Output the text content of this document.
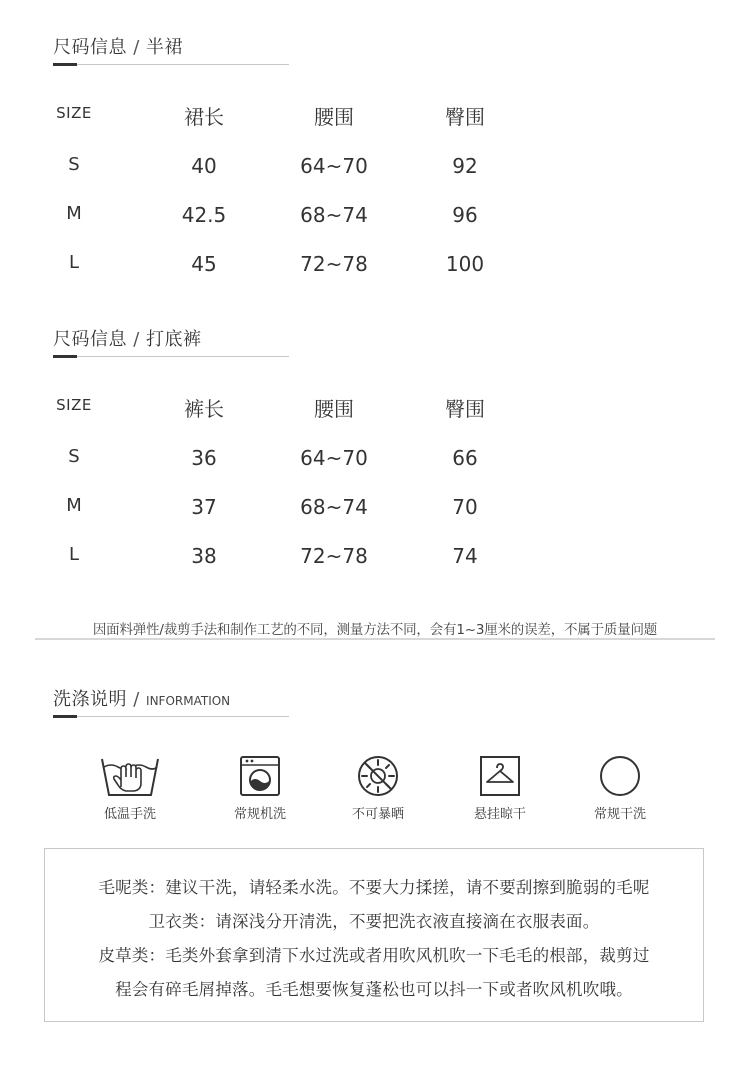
尺码信息 / 半裙
SIZE	裙长	腰围	臀围
S	40	64~70	92
M	42.5	68~74	96
L	45	72~78	100
尺码信息 / 打底裤
SIZE	裤长	腰围	臀围
S	36	64~70	66
M	37	68~74	70
L	38	72~78	74
因面料弹性/裁剪手法和制作工艺的不同，测量方法不同，会有1~3厘米的误差，不属于质量问题
洗涤说明 / INFORMATION
低温手洗	常规机洗	不可暴晒	悬挂晾干	常规干洗
毛呢类：建议干洗，请轻柔水洗。不要大力揉搓，请不要刮擦到脆弱的毛呢
卫衣类：请深浅分开清洗，不要把洗衣液直接滴在衣服表面。
皮草类：毛类外套拿到清下水过洗或者用吹风机吹一下毛毛的根部，裁剪过
程会有碎毛屑掉落。毛毛想要恢复蓬松也可以抖一下或者吹风机吹哦。
